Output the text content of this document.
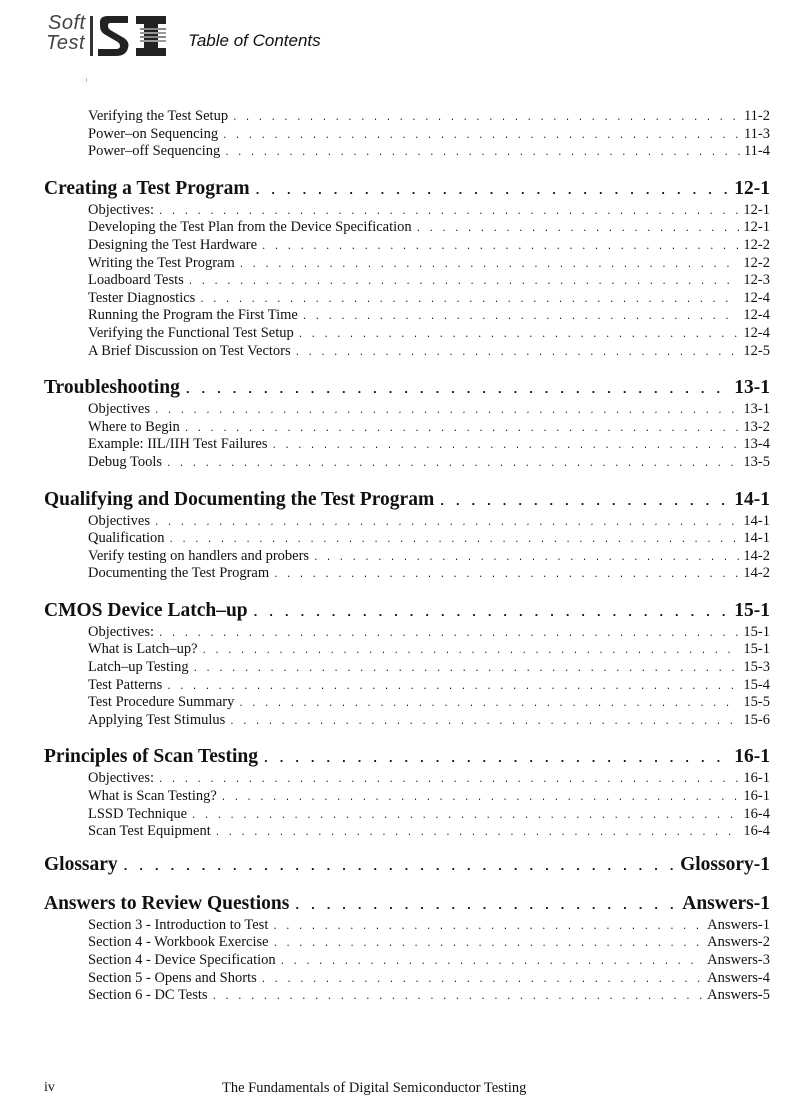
Soft
Test	Table of Contents
Verifying the Test Setup . . .	11-2
Power–on Sequencing . . .	11-3
Power–off Sequencing . . .	11-4
Creating a Test Program . . .	12-1
Objectives: . . .	12-1
Developing the Test Plan from the Device Specification . . .	12-1
Designing the Test Hardware . . .	12-2
Writing the Test Program . . .	12-2
Loadboard Tests . . .	12-3
Tester Diagnostics . . .	12-4
Running the Program the First Time . . .	12-4
Verifying the Functional Test Setup . . .	12-4
A Brief Discussion on Test Vectors . . .	12-5
Troubleshooting . . .	13-1
Objectives . . .	13-1
Where to Begin . . .	13-2
Example: IIL/IIH Test Failures . . .	13-4
Debug Tools . . .	13-5
Qualifying and Documenting the Test Program . . .	14-1
Objectives . . .	14-1
Qualification . . .	14-1
Verify testing on handlers and probers . . .	14-2
Documenting the Test Program . . .	14-2
CMOS Device Latch–up . . .	15-1
Objectives: . . .	15-1
What is Latch–up? . . .	15-1
Latch–up Testing . . .	15-3
Test Patterns . . .	15-4
Test Procedure Summary . . .	15-5
Applying Test Stimulus . . .	15-6
Principles of Scan Testing . . .	16-1
Objectives: . . .	16-1
What is Scan Testing? . . .	16-1
LSSD Technique . . .	16-4
Scan Test Equipment . . .	16-4
Glossary . . .	Glossory-1
Answers to Review Questions . . .	Answers-1
Section 3 - Introduction to Test . . .	Answers-1
Section 4 - Workbook Exercise . . .	Answers-2
Section 4 - Device Specification . . .	Answers-3
Section 5 - Opens and Shorts . . .	Answers-4
Section 6 - DC Tests . . .	Answers-5
iv	The Fundamentals of Digital Semiconductor Testing
